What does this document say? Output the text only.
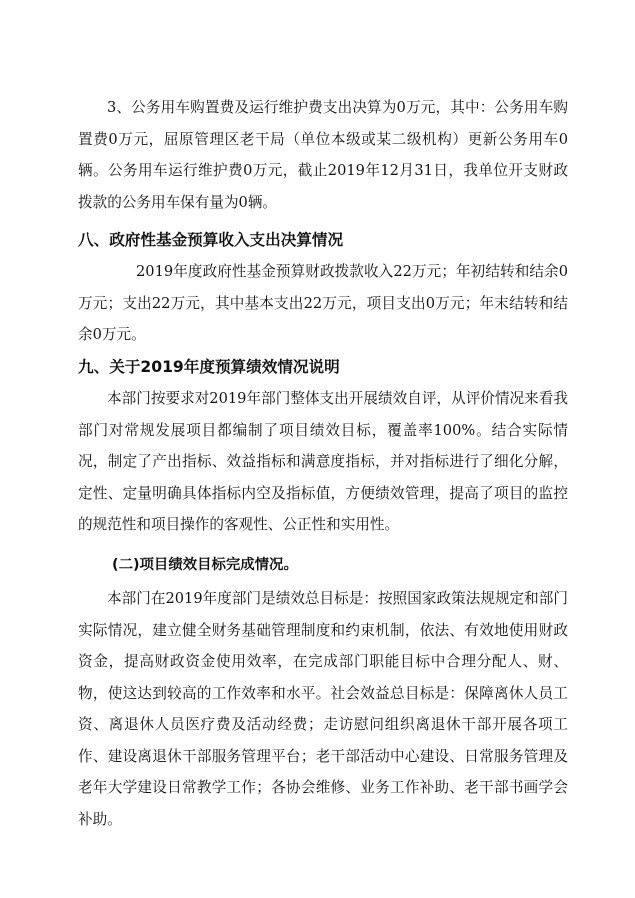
3、公务用车购置费及运行维护费支出决算为0万元，其中：公务用车购置费0万元，屈原管理区老干局（单位本级或某二级机构）更新公务用车0辆。公务用车运行维护费0万元，截止2019年12月31日，我单位开支财政拨款的公务用车保有量为0辆。

八、政府性基金预算收入支出决算情况

2019年度政府性基金预算财政拨款收入22万元；年初结转和结余0万元；支出22万元，其中基本支出22万元，项目支出0万元；年末结转和结余0万元。

九、关于2019年度预算绩效情况说明

本部门按要求对2019年部门整体支出开展绩效自评，从评价情况来看我部门对常规发展项目都编制了项目绩效目标，覆盖率100%。结合实际情况，制定了产出指标、效益指标和满意度指标，并对指标进行了细化分解，定性、定量明确具体指标内空及指标值，方便绩效管理，提高了项目的监控的规范性和项目操作的客观性、公正性和实用性。

(二)项目绩效目标完成情况。

本部门在2019年度部门是绩效总目标是：按照国家政策法规规定和部门实际情况，建立健全财务基础管理制度和约束机制，依法、有效地使用财政资金，提高财政资金使用效率，在完成部门职能目标中合理分配人、财、物，使这达到较高的工作效率和水平。社会效益总目标是：保障离休人员工资、离退休人员医疗费及活动经费；走访慰问组织离退休干部开展各项工作、建设离退休干部服务管理平台；老干部活动中心建设、日常服务管理及老年大学建设日常教学工作；各协会维修、业务工作补助、老干部书画学会补助。
